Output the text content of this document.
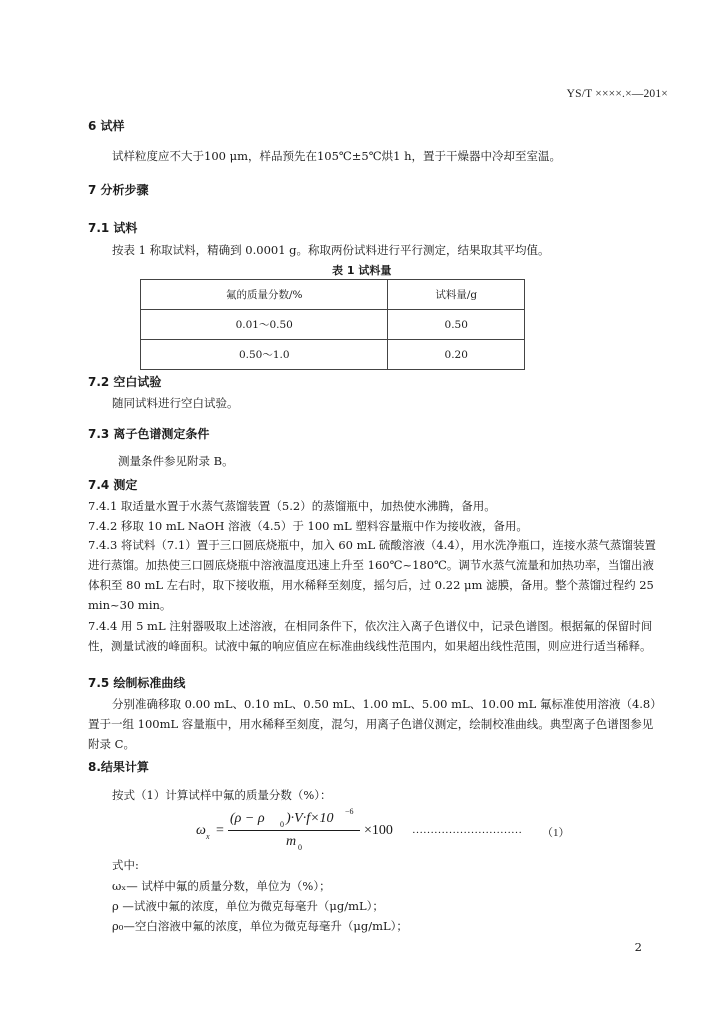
YS/T ××××.×—201×
6 试样
试样粒度应不大于100 μm，样品预先在105℃±5℃烘1 h，置于干燥器中冷却至室温。
7 分析步骤
7.1 试料
按表 1 称取试料，精确到 0.0001 g。称取两份试料进行平行测定，结果取其平均值。
表 1 试料量
氟的质量分数/%	试料量/g
0.01～0.50	0.50
0.50～1.0	0.20
7.2 空白试验
随同试料进行空白试验。
7.3 离子色谱测定条件
测量条件参见附录 B。
7.4 测定
7.4.1 取适量水置于水蒸气蒸馏装置（5.2）的蒸馏瓶中，加热使水沸腾，备用。
7.4.2 移取 10 mL NaOH 溶液（4.5）于 100 mL 塑料容量瓶中作为接收液，备用。
7.4.3 将试料（7.1）置于三口圆底烧瓶中，加入 60 mL 硫酸溶液（4.4），用水洗净瓶口，连接水蒸气蒸馏装置进行蒸馏。加热使三口圆底烧瓶中溶液温度迅速上升至 160℃~180℃。调节水蒸气流量和加热功率，当馏出液体积至 80 mL 左右时，取下接收瓶，用水稀释至刻度，摇匀后，过 0.22 μm 滤膜，备用。整个蒸馏过程约 25 min~30 min。
7.4.4 用 5 mL 注射器吸取上述溶液，在相同条件下，依次注入离子色谱仪中，记录色谱图。根据氟的保留时间性，测量试液的峰面积。试液中氟的响应值应在标准曲线线性范围内，如果超出线性范围，则应进行适当稀释。
7.5 绘制标准曲线
分别准确移取 0.00 mL、0.10 mL、0.50 mL、1.00 mL、5.00 mL、10.00 mL 氟标准使用溶液（4.8）置于一组 100mL 容量瓶中，用水稀释至刻度，混匀，用离子色谱仪测定，绘制校准曲线。典型离子色谱图参见附录 C。
8.结果计算
按式（1）计算试样中氟的质量分数（%）：
ω x =
(ρ − ρ 0 )·V·f×10 −6
m 0
×100 ………………………… （1）
式中:
ωₓ— 试样中氟的质量分数，单位为（%）；
ρ —试液中氟的浓度，单位为微克每毫升（μg/mL）；
ρ₀—空白溶液中氟的浓度，单位为微克每毫升（μg/mL）；
2
